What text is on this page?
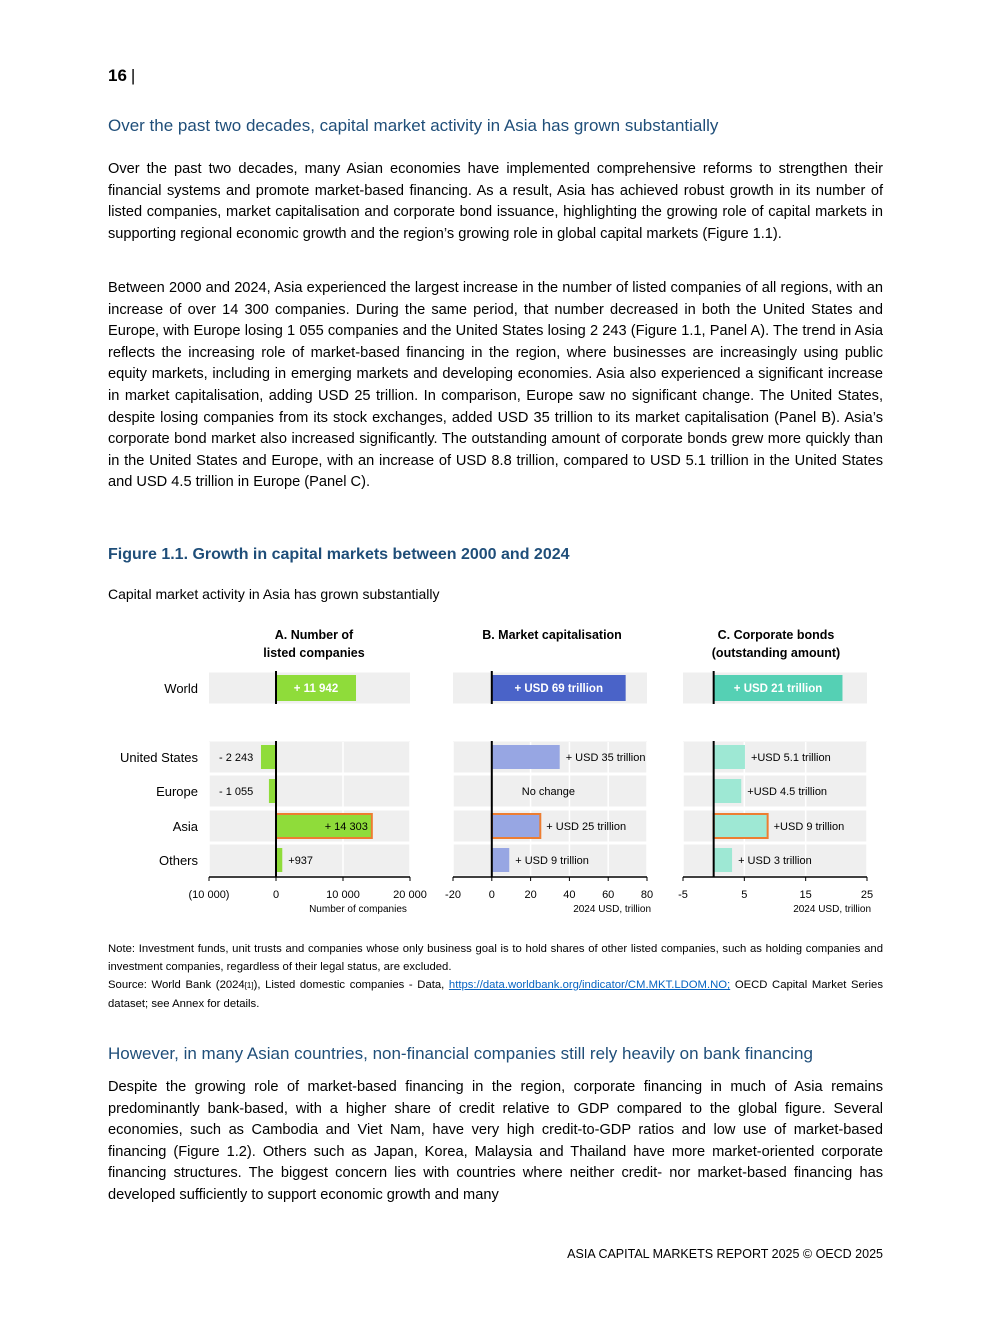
16 |
Over the past two decades, capital market activity in Asia has grown substantially

Over the past two decades, many Asian economies have implemented comprehensive reforms to strengthen their financial systems and promote market-based financing. As a result, Asia has achieved robust growth in its number of listed companies, market capitalisation and corporate bond issuance, highlighting the growing role of capital markets in supporting regional economic growth and the region’s growing role in global capital markets (Figure 1.1).

Between 2000 and 2024, Asia experienced the largest increase in the number of listed companies of all regions, with an increase of over 14 300 companies. During the same period, that number decreased in both the United States and Europe, with Europe losing 1 055 companies and the United States losing 2 243 (Figure 1.1, Panel A). The trend in Asia reflects the increasing role of market-based financing in the region, where businesses are increasingly using public equity markets, including in emerging markets and developing economies. Asia also experienced a significant increase in market capitalisation, adding USD 25 trillion. In comparison, Europe saw no significant change. The United States, despite losing companies from its stock exchanges, added USD 35 trillion to its market capitalisation (Panel B). Asia’s corporate bond market also increased significantly. The outstanding amount of corporate bonds grew more quickly than in the United States and Europe, with an increase of USD 8.8 trillion, compared to USD 5.1 trillion in the United States and USD 4.5 trillion in Europe (Panel C).

Figure 1.1. Growth in capital markets between 2000 and 2024
Capital market activity in Asia has grown substantially
World
United States
Europe
Asia
Others
A. Number of
listed companies
+ 11 942
- 2 243
- 1 055
+ 14 303
+937
(10 000)	0	10 000	20 000
Number of companies
B. Market capitalisation
+ USD 69 trillion
+ USD 35 trillion
No change
+ USD 25 trillion
+ USD 9 trillion
-20	0	20 40 60 80
2024 USD, trillion
C. Corporate bonds
(outstanding amount)
+ USD 21 trillion
+USD 5.1 trillion
+USD 4.5 trillion
+USD 9 trillion
+ USD 3 trillion
-5	5	15	25
2024 USD, trillion

Note: Investment funds, unit trusts and companies whose only business goal is to hold shares of other listed companies, such as holding companies and investment companies, regardless of their legal status, are excluded.

Source: World Bank (2024[1]), Listed domestic companies - Data, https://data.worldbank.org/indicator/CM.MKT.LDOM.NO; OECD Capital Market Series dataset; see Annex for details.

However, in many Asian countries, non-financial companies still rely heavily on bank financing

Despite the growing role of market-based financing in the region, corporate financing in much of Asia remains predominantly bank-based, with a higher share of credit relative to GDP compared to the global figure. Several economies, such as Cambodia and Viet Nam, have very high credit-to-GDP ratios and low use of market-based financing (Figure 1.2). Others such as Japan, Korea, Malaysia and Thailand have more market-oriented corporate financing structures. The biggest concern lies with countries where neither credit- nor market-based financing has developed sufficiently to support economic growth and many

ASIA CAPITAL MARKETS REPORT 2025 © OECD 2025
